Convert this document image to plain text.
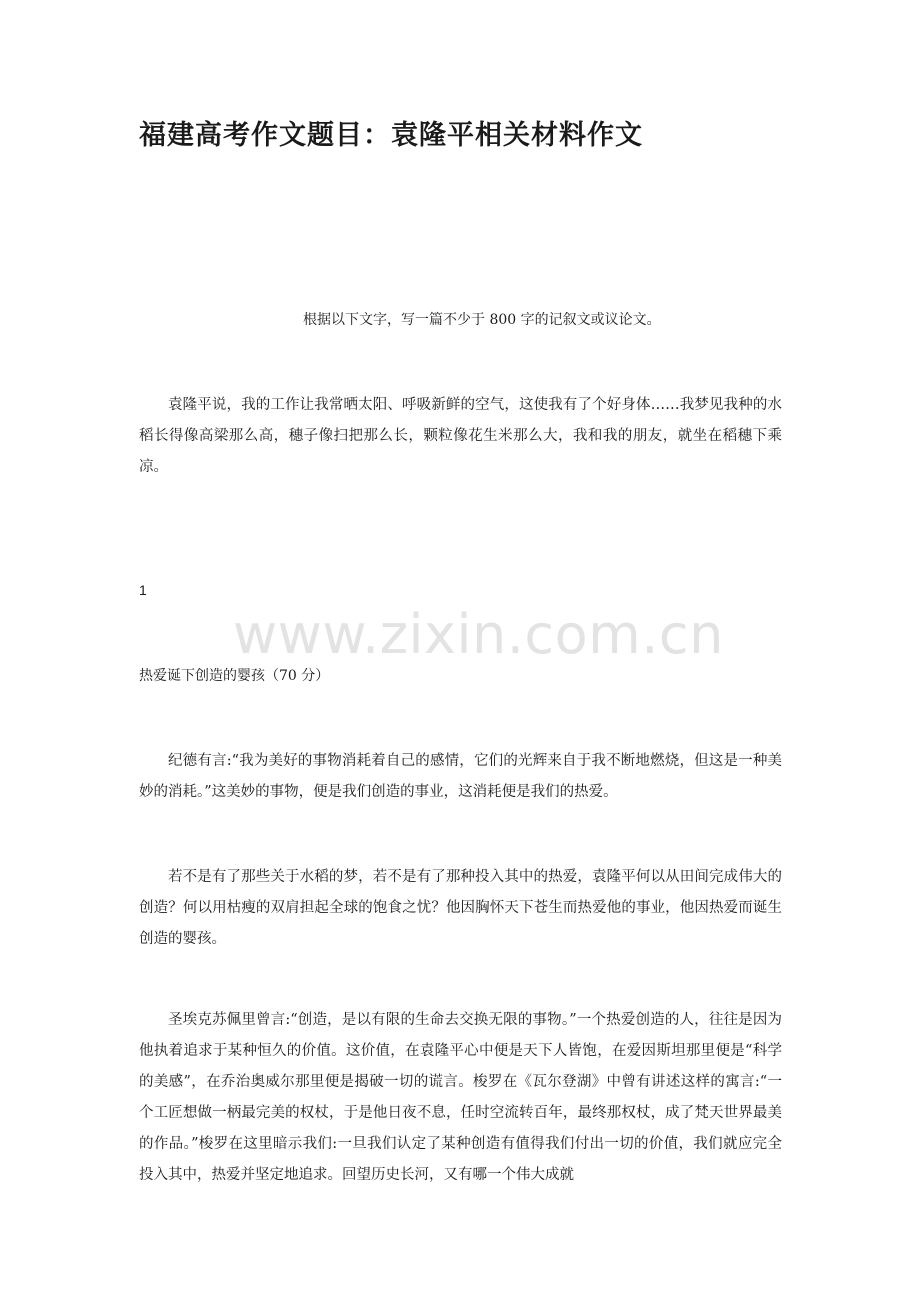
福建高考作文题目：袁隆平相关材料作文
根据以下文字，写一篇不少于 800 字的记叙文或议论文。

袁隆平说，我的工作让我常晒太阳、呼吸新鲜的空气，这使我有了个好身体……我梦见我种的水稻长得像高梁那么高，穗子像扫把那么长，颗粒像花生米那么大，我和我的朋友，就坐在稻穗下乘凉。

1
www.zixin.com.cn
热爱诞下创造的婴孩（70 分）

纪德有言:“我为美好的事物消耗着自己的感情，它们的光辉来自于我不断地燃烧，但这是一种美妙的消耗。”这美妙的事物，便是我们创造的事业，这消耗便是我们的热爱。

若不是有了那些关于水稻的梦，若不是有了那种投入其中的热爱，袁隆平何以从田间完成伟大的创造？何以用枯瘦的双肩担起全球的饱食之忧？他因胸怀天下苍生而热爱他的事业，他因热爱而诞生创造的婴孩。

圣埃克苏佩里曾言:“创造，是以有限的生命去交换无限的事物。”一个热爱创造的人，往往是因为他执着追求于某种恒久的价值。这价值，在袁隆平心中便是天下人皆饱，在爱因斯坦那里便是“科学的美感”，在乔治奥威尔那里便是揭破一切的谎言。梭罗在《瓦尔登湖》中曾有讲述这样的寓言:“一个工匠想做一柄最完美的权杖，于是他日夜不息，任时空流转百年，最终那权杖，成了梵天世界最美的作品。”梭罗在这里暗示我们:一旦我们认定了某种创造有值得我们付出一切的价值，我们就应完全投入其中，热爱并坚定地追求。回望历史长河，又有哪一个伟大成就
